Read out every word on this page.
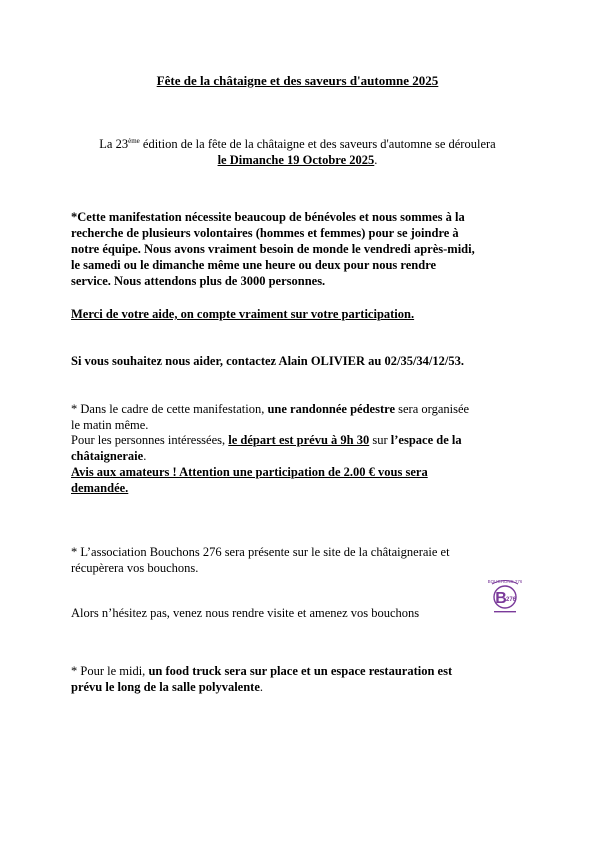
Fête de la châtaigne et des saveurs d'automne 2025
La 23ème édition de la fête de la châtaigne et des saveurs d'automne se déroulera
le Dimanche 19 Octobre 2025.
*Cette manifestation nécessite beaucoup de bénévoles et nous sommes à la
recherche de plusieurs volontaires (hommes et femmes) pour se joindre à
notre équipe. Nous avons vraiment besoin de monde le vendredi après-midi,
le samedi ou le dimanche même une heure ou deux pour nous rendre
service. Nous attendons plus de 3000 personnes.
Merci de votre aide, on compte vraiment sur votre participation.
Si vous souhaitez nous aider, contactez Alain OLIVIER au 02/35/34/12/53.
* Dans le cadre de cette manifestation, une randonnée pédestre sera organisée
le matin même.
Pour les personnes intéressées, le départ est prévu à 9h 30 sur l’espace de la
châtaigneraie.
Avis aux amateurs ! Attention une participation de 2.00 € vous sera
demandée.
* L’association Bouchons 276 sera présente sur le site de la châtaigneraie et
récupèrera vos bouchons.
Alors n’hésitez pas, venez nous rendre visite et amenez vos bouchons
BOUCHONS 276
B 276
* Pour le midi, un food truck sera sur place et un espace restauration est
prévu le long de la salle polyvalente.
